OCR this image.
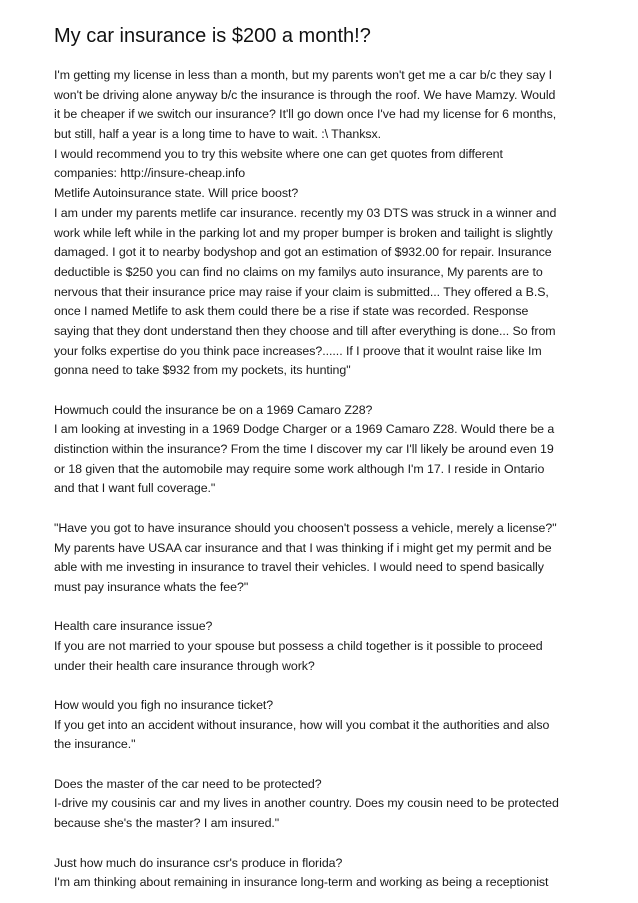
My car insurance is $200 a month!?
I'm getting my license in less than a month, but my parents won't get me a car b/c they say I
won't be driving alone anyway b/c the insurance is through the roof. We have Mamzy. Would
it be cheaper if we switch our insurance? It'll go down once I've had my license for 6 months,
but still, half a year is a long time to have to wait. :\ Thanksx.
I would recommend you to try this website where one can get quotes from different
companies: http://insure-cheap.info
Metlife Autoinsurance state. Will price boost?
I am under my parents metlife car insurance. recently my 03 DTS was struck in a winner and
work while left while in the parking lot and my proper bumper is broken and tailight is slightly
damaged. I got it to nearby bodyshop and got an estimation of $932.00 for repair. Insurance
deductible is $250 you can find no claims on my familys auto insurance, My parents are to
nervous that their insurance price may raise if your claim is submitted... They offered a B.S,
once I named Metlife to ask them could there be a rise if state was recorded. Response
saying that they dont understand then they choose and till after everything is done... So from
your folks expertise do you think pace increases?...... If I proove that it woulnt raise like Im
gonna need to take $932 from my pockets, its hunting"
Howmuch could the insurance be on a 1969 Camaro Z28?
I am looking at investing in a 1969 Dodge Charger or a 1969 Camaro Z28. Would there be a
distinction within the insurance? From the time I discover my car I'll likely be around even 19
or 18 given that the automobile may require some work although I'm 17. I reside in Ontario
and that I want full coverage."
"Have you got to have insurance should you choosen't possess a vehicle, merely a license?"
My parents have USAA car insurance and that I was thinking if i might get my permit and be
able with me investing in insurance to travel their vehicles. I would need to spend basically
must pay insurance whats the fee?"
Health care insurance issue?
If you are not married to your spouse but possess a child together is it possible to proceed
under their health care insurance through work?
How would you figh no insurance ticket?
If you get into an accident without insurance, how will you combat it the authorities and also
the insurance."
Does the master of the car need to be protected?
I-drive my cousinis car and my lives in another country. Does my cousin need to be protected
because she's the master? I am insured."
Just how much do insurance csr's produce in florida?
I'm am thinking about remaining in insurance long-term and working as being a receptionist
